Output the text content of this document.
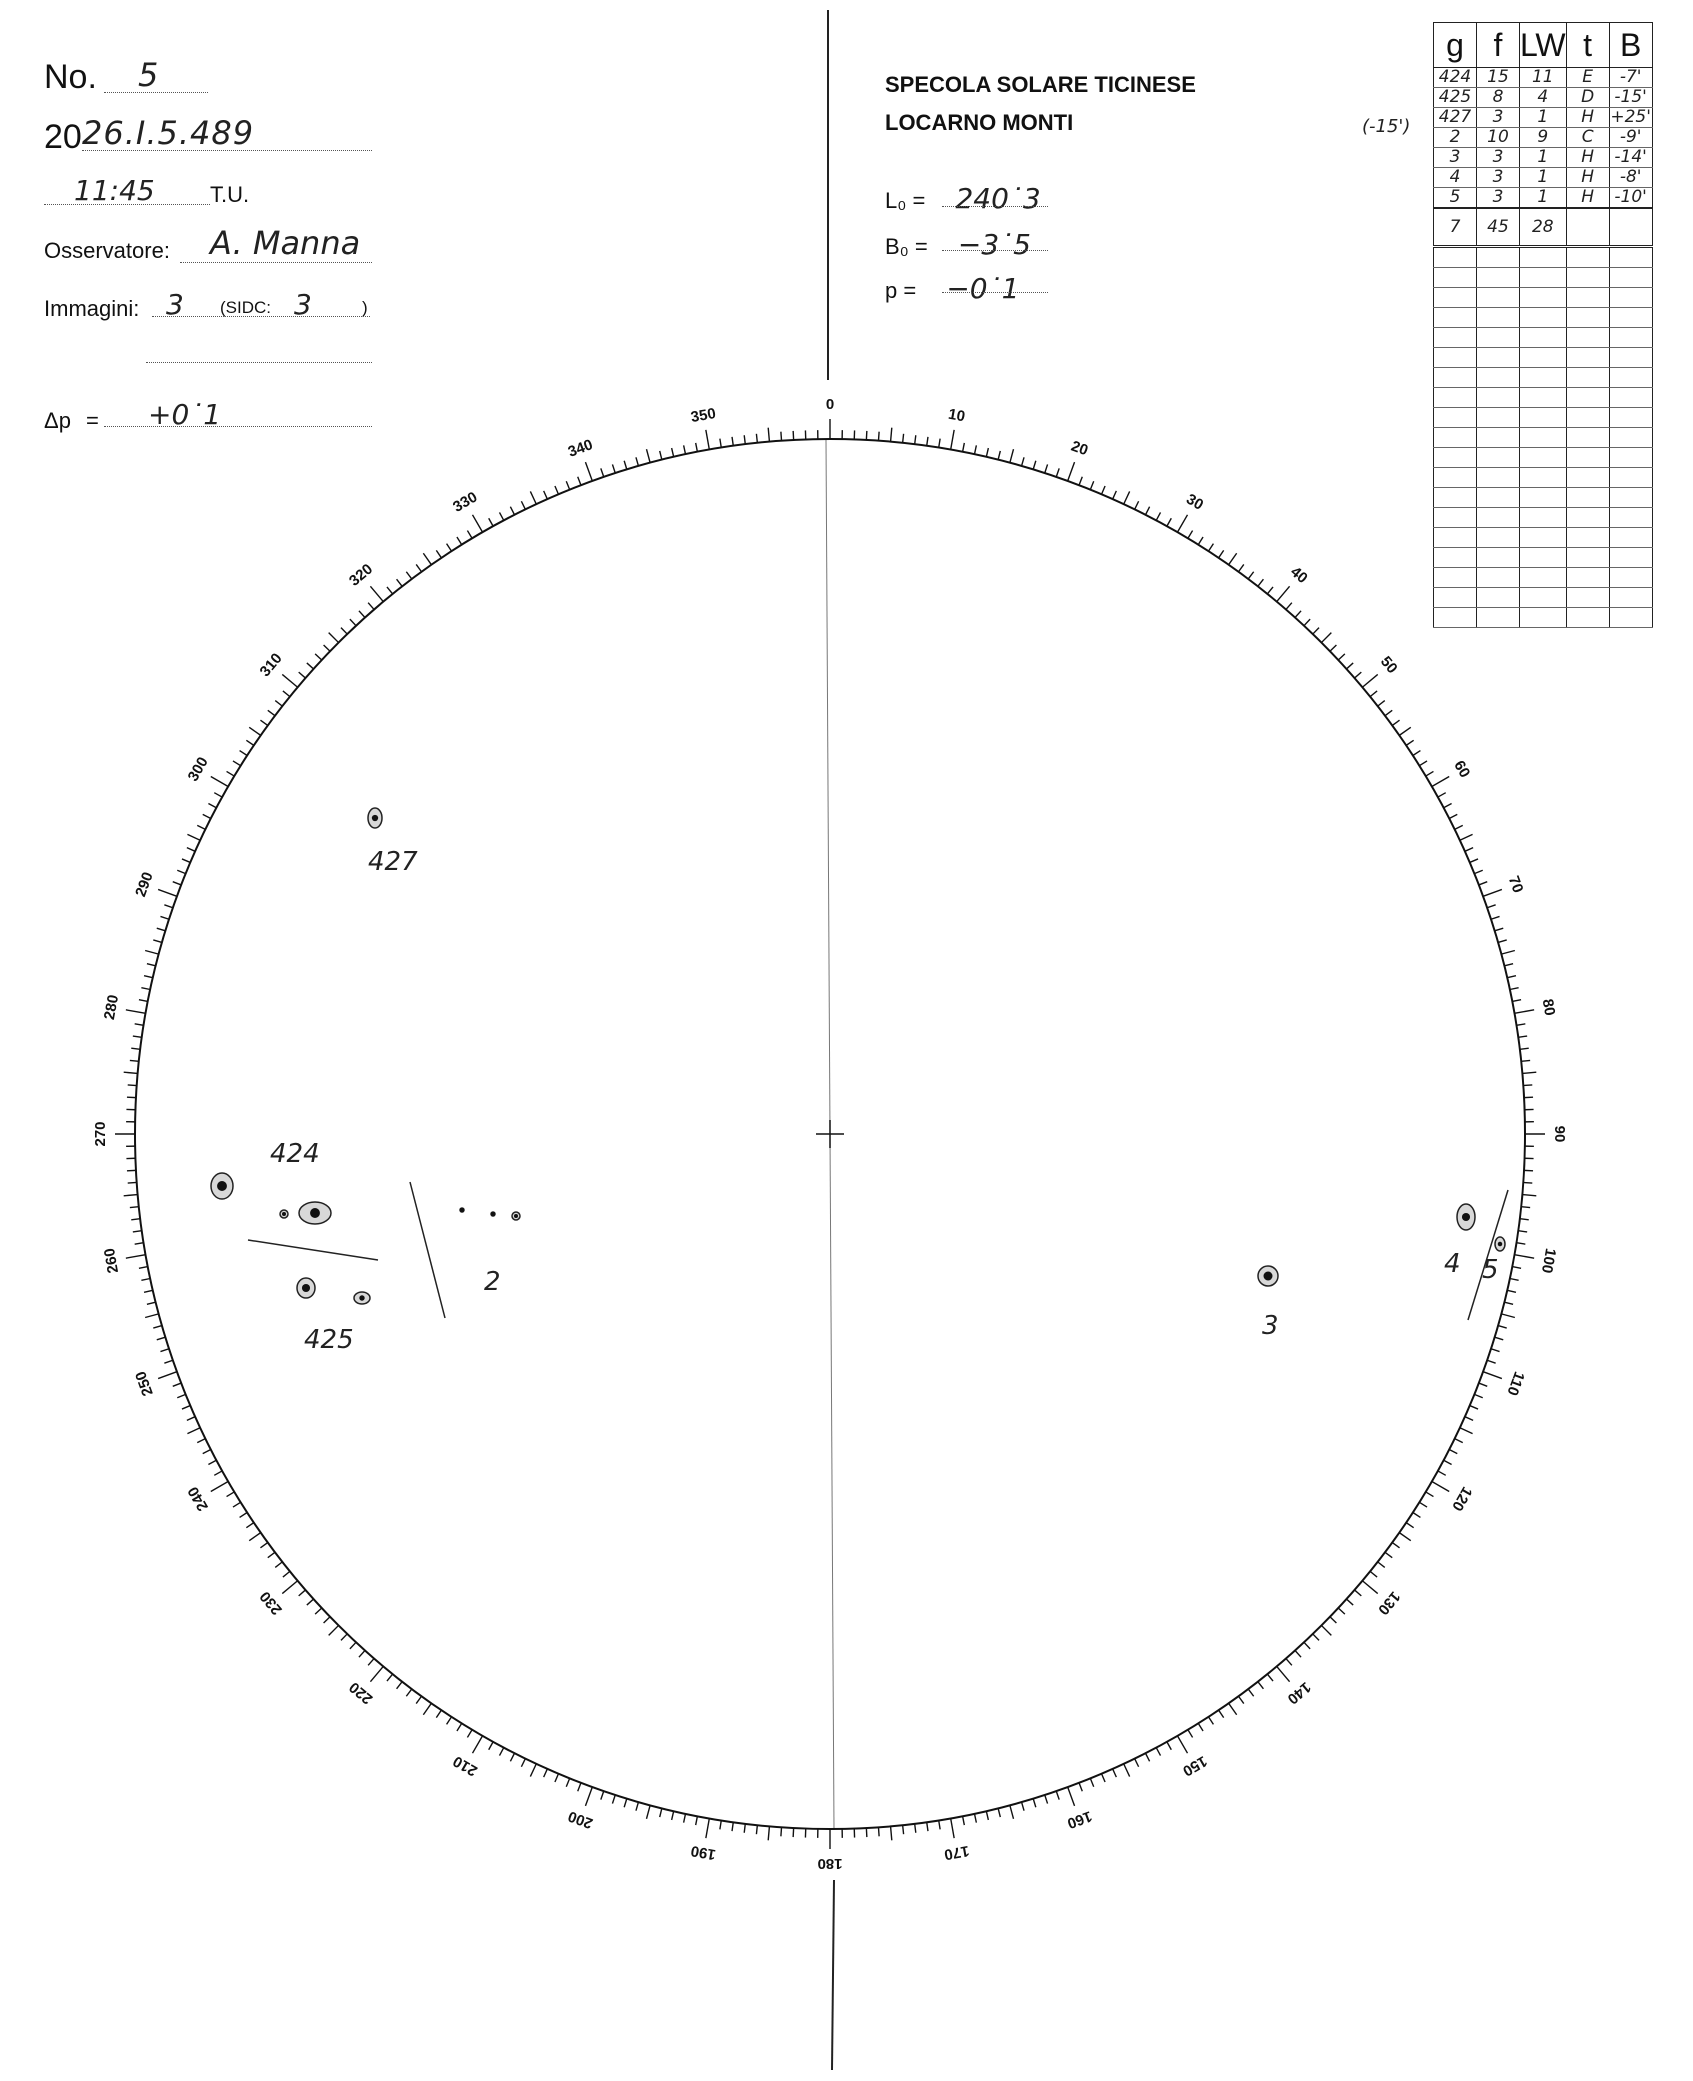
No. 5
20 26.I.5.489
11:45	T.U.
Osservatore: A. Manna
Immagini: 3 (SIDC: 3	)
Δp = +0˙1
SPECOLA SOLARE TICINESE
LOCARNO MONTI
L₀ = 240˙3
B₀ = −3˙5
p = −0˙1
(-15')
g	f	LW	t	B
424	15	11	E	-7'
425	8	4	D	-15'
427	3	1	H	+25'
2	10	9	C	-9'
3	3	1	H	-14'
4	3	1	H	-8'
5	3	1	H	-10'
7	45	28		

0
10
20
30
40
50
60
70
80
90
100
110
120
130
140
150
160
170
180
190
200
210
220
230
240
250
260
270
280
290
300
310
320
330
340
350
427
424
425
2
3
4 5
